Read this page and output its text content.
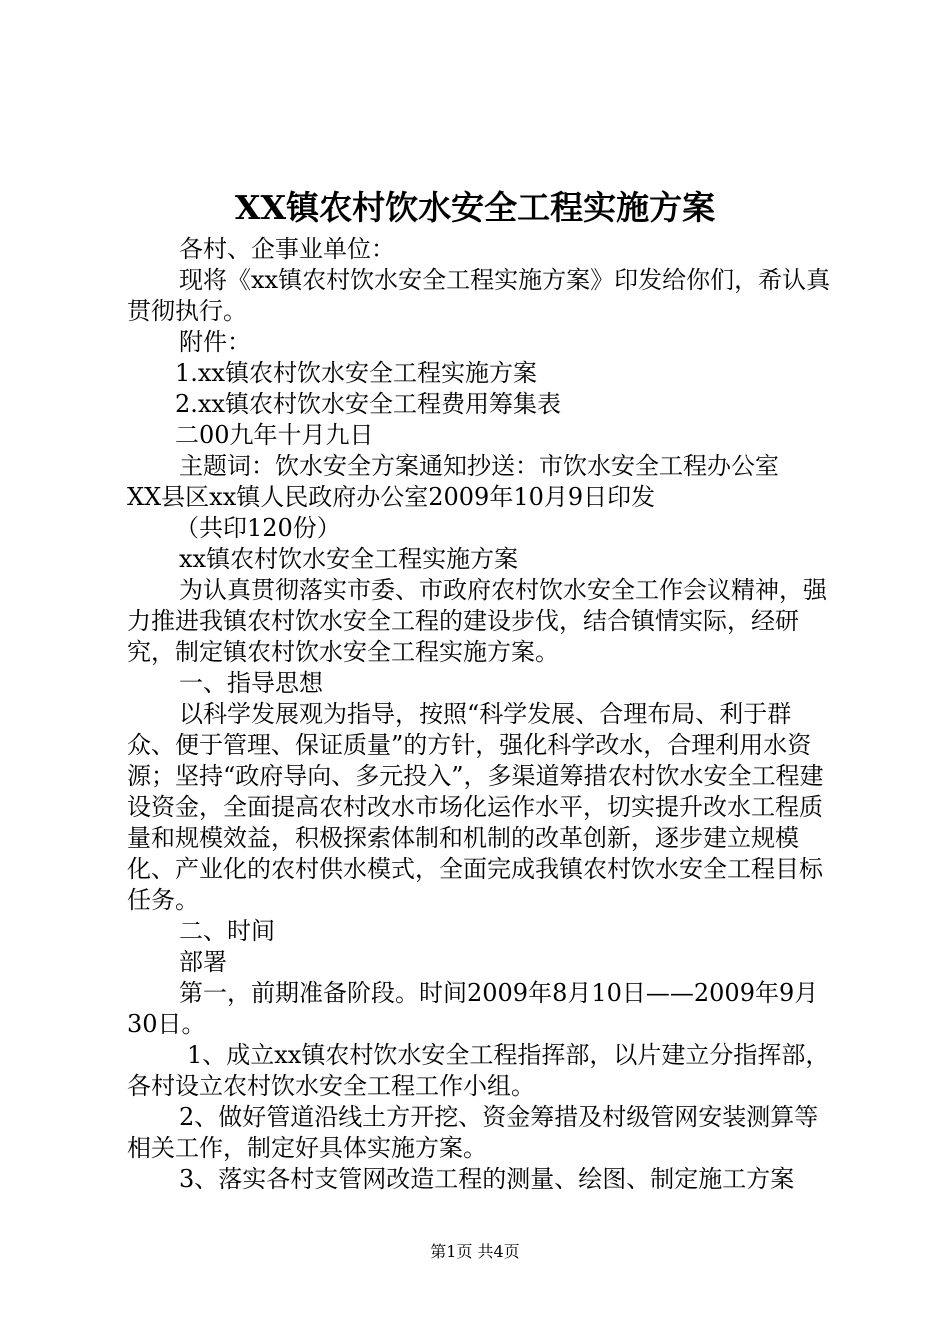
XX镇农村饮水安全工程实施方案

各村、企事业单位：

现将《xx镇农村饮水安全工程实施方案》印发给你们，希认真贯彻执行。

附件：

1.xx镇农村饮水安全工程实施方案

2.xx镇农村饮水安全工程费用筹集表

二00九年十月九日

主题词：饮水安全方案通知抄送：市饮水安全工程办公室

XX县区xx镇人民政府办公室2009年10月9日印发

（共印120份）

xx镇农村饮水安全工程实施方案

为认真贯彻落实市委、市政府农村饮水安全工作会议精神，强力推进我镇农村饮水安全工程的建设步伐，结合镇情实际，经研究，制定镇农村饮水安全工程实施方案。

一、指导思想

以科学发展观为指导，按照“科学发展、合理布局、利于群众、便于管理、保证质量”的方针，强化科学改水，合理利用水资源；坚持“政府导向、多元投入”，多渠道筹措农村饮水安全工程建设资金，全面提高农村改水市场化运作水平，切实提升改水工程质量和规模效益，积极探索体制和机制的改革创新，逐步建立规模化、产业化的农村供水模式，全面完成我镇农村饮水安全工程目标任务。

二、时间

部署

第一，前期准备阶段。时间2009年8月10日——2009年9月30日。

1、成立xx镇农村饮水安全工程指挥部，以片建立分指挥部，各村设立农村饮水安全工程工作小组。

2、做好管道沿线土方开挖、资金筹措及村级管网安装测算等相关工作，制定好具体实施方案。

3、落实各村支管网改造工程的测量、绘图、制定施工方案

第1页 共4页
